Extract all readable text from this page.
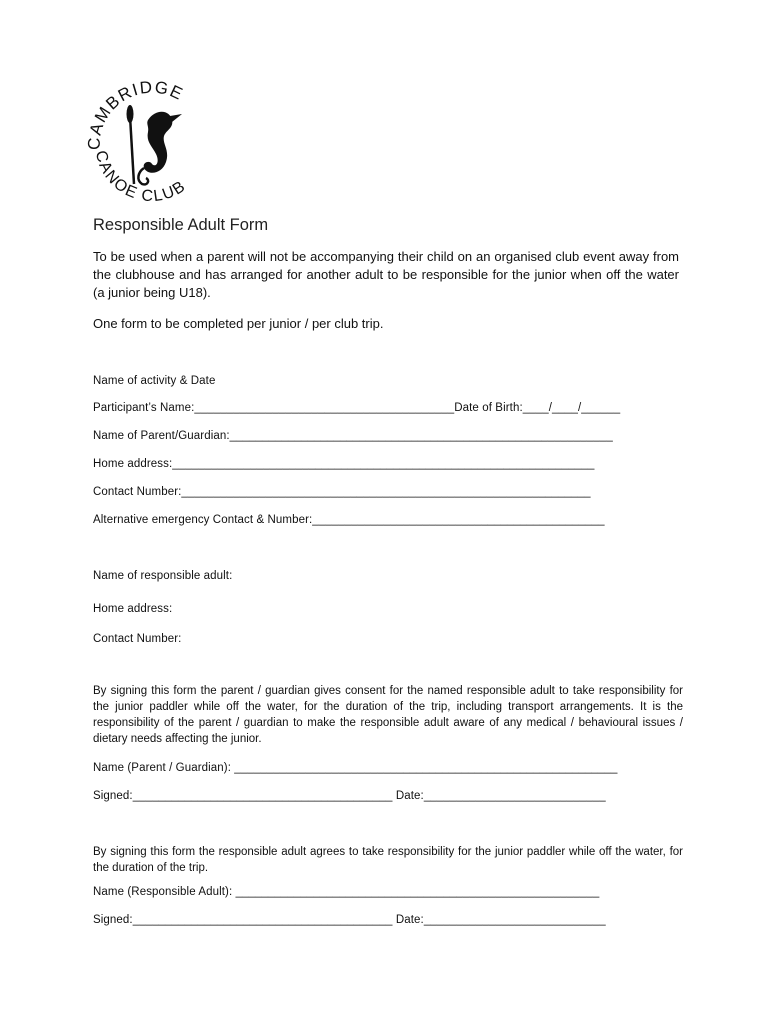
CAMBRIDGE
CANOE CLUB
Responsible Adult Form
To be used when a parent will not be accompanying their child on an organised club event away from the clubhouse and has arranged for another adult to be responsible for the junior when off the water (a junior being U18).
One form to be completed per junior / per club trip.
Name of activity & Date
Participant’s Name:________________________________________Date of Birth:____/____/______
Name of Parent/Guardian:___________________________________________________________
Home address:_________________________________________________________________
Contact Number:_______________________________________________________________
Alternative emergency Contact & Number:_____________________________________________
Name of responsible adult:
Home address:
Contact Number:
By signing this form the parent / guardian gives consent for the named responsible adult to take responsibility for the junior paddler while off the water, for the duration of the trip, including transport arrangements. It is the responsibility of the parent / guardian to make the responsible adult aware of any medical / behavioural issues / dietary needs affecting the junior.
Name (Parent / Guardian): ___________________________________________________________
Signed:________________________________________ Date:____________________________
By signing this form the responsible adult agrees to take responsibility for the junior paddler while off the water, for the duration of the trip.
Name (Responsible Adult): ________________________________________________________
Signed:________________________________________ Date:____________________________
